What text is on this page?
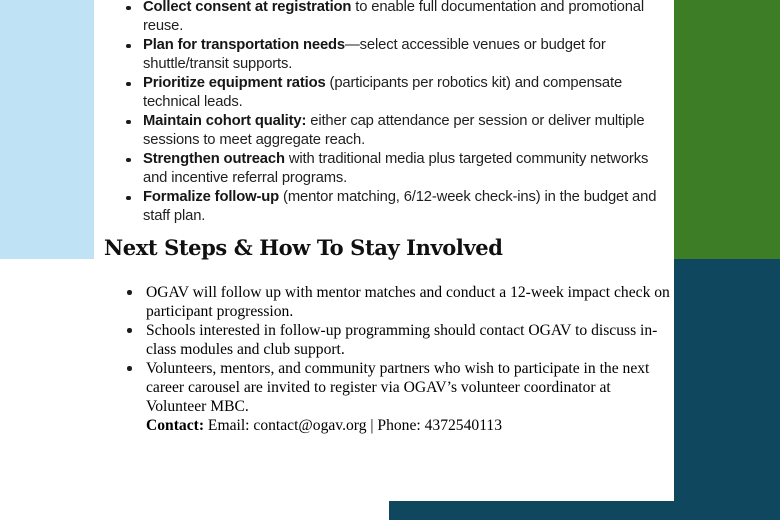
Collect consent at registration to enable full documentation and promotional reuse.
Plan for transportation needs—select accessible venues or budget for shuttle/transit supports.
Prioritize equipment ratios (participants per robotics kit) and compensate technical leads.
Maintain cohort quality: either cap attendance per session or deliver multiple sessions to meet aggregate reach.
Strengthen outreach with traditional media plus targeted community networks and incentive referral programs.
Formalize follow-up (mentor matching, 6/12-week check-ins) in the budget and staff plan.
Next Steps & How To Stay Involved
OGAV will follow up with mentor matches and conduct a 12-week impact check on participant progression.
Schools interested in follow-up programming should contact OGAV to discuss in-class modules and club support.
Volunteers, mentors, and community partners who wish to participate in the next career carousel are invited to register via OGAV’s volunteer coordinator at Volunteer MBC.
Contact: Email: contact@ogav.org | Phone: 4372540113
